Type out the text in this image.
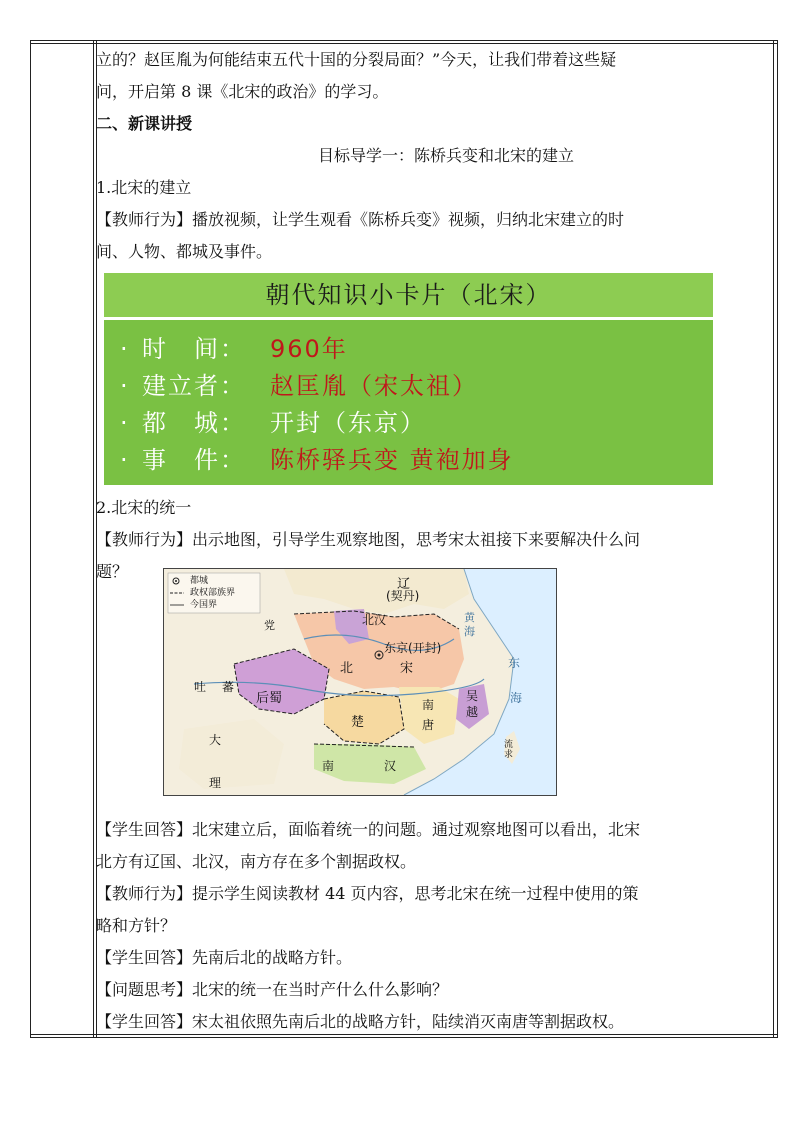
立的？赵匡胤为何能结束五代十国的分裂局面？”今天，让我们带着这些疑
问，开启第 8 课《北宋的政治》的学习。
二、新课讲授
目标导学一：陈桥兵变和北宋的建立
1.北宋的建立
【教师行为】播放视频，让学生观看《陈桥兵变》视频，归纳北宋建立的时
间、人物、都城及事件。
朝代知识小卡片（北宋）
· 时　间： 960年
· 建立者： 赵匡胤（宋太祖）
· 都　城： 开封（东京）
· 事　件： 陈桥驿兵变 黄袍加身
2.北宋的统一
【教师行为】出示地图，引导学生观察地图，思考宋太祖接下来要解决什么问
题？	都城
政权部族界
今国界
辽
(契丹)
北汉
东京(开封)
北	宋
吐 蕃
后蜀
楚
南
唐
吴
越
南	汉
大
理
东
海
流
求
党
黄
海
【学生回答】北宋建立后，面临着统一的问题。通过观察地图可以看出，北宋
北方有辽国、北汉，南方存在多个割据政权。
【教师行为】提示学生阅读教材 44 页内容，思考北宋在统一过程中使用的策
略和方针？
【学生回答】先南后北的战略方针。
【问题思考】北宋的统一在当时产什么什么影响？
【学生回答】宋太祖依照先南后北的战略方针，陆续消灭南唐等割据政权。
